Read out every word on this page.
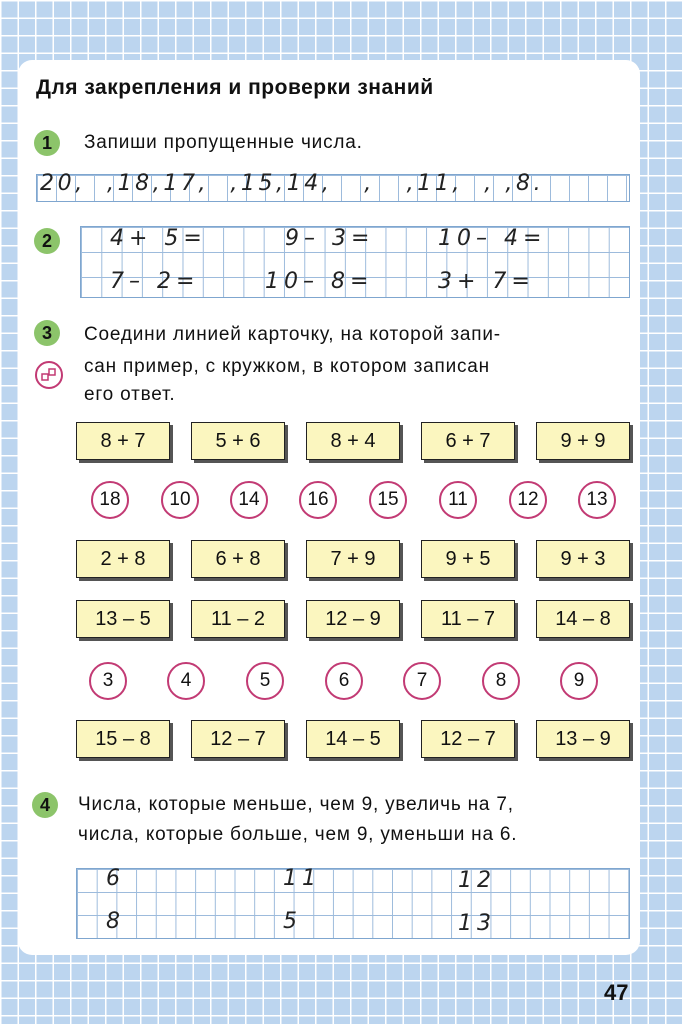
Для закрепления и проверки знаний
1	Запиши пропущенные числа.
20,  ,18,17,  ,15,14,   ,   ,11,  , ,8.
2	4+ 5=	9– 3=	10– 4=
7– 2=	10– 8=	3+ 7=
3	Соедини линией карточку, на которой запи-
сан пример, с кружком, в котором записан
его ответ.
8 + 7	5 + 6	8 + 4	6 + 7	9 + 9
2 + 8	6 + 8	7 + 9	9 + 5	9 + 3
13 – 5	11 – 2	12 – 9	11 – 7	14 – 8
15 – 8	12 – 7	14 – 5	12 – 7	13 – 9
18	10	14	16	15	11	12	13
3	4	5	6	7	8	9
4	Числа, которые меньше, чем 9, увеличь на 7,
числа, которые больше, чем 9, уменьши на 6.
6	11	12
8	5	13
47
